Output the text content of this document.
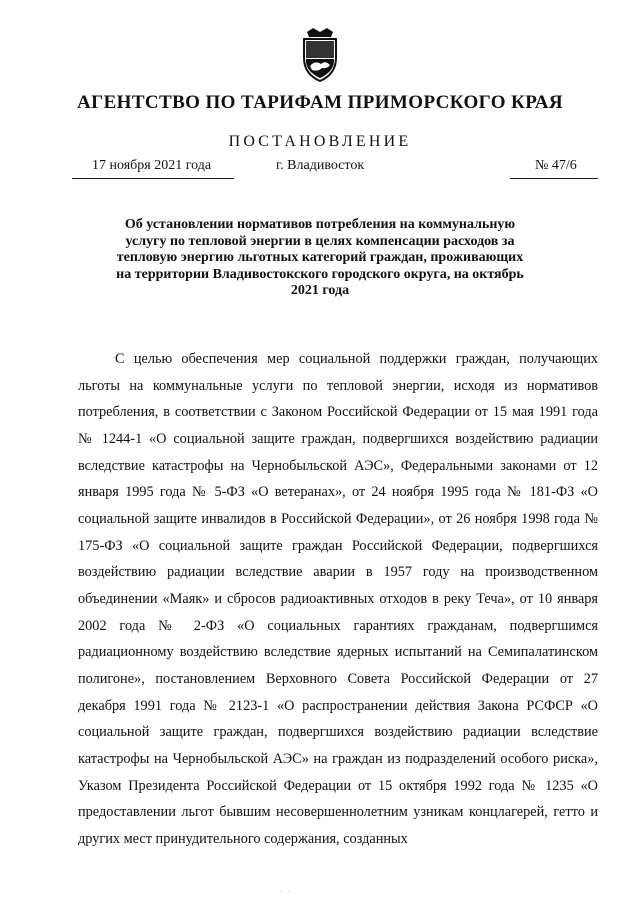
АГЕНТСТВО ПО ТАРИФАМ ПРИМОРСКОГО КРАЯ
ПОСТАНОВЛЕНИЕ
17 ноября 2021 года	г. Владивосток	№ 47/6
Об установлении нормативов потребления на коммунальную услугу по тепловой энергии в целях компенсации расходов за тепловую энергию льготных категорий граждан, проживающих на территории Владивостокского городского округа, на октябрь 2021 года

С целью обеспечения мер социальной поддержки граждан, получающих льготы на коммунальные услуги по тепловой энергии, исходя из нормативов потребления, в соответствии с Законом Российской Федерации от 15 мая 1991 года № 1244-1 «О социальной защите граждан, подвергшихся воздействию радиации вследствие катастрофы на Чернобыльской АЭС», Федеральными законами от 12 января 1995 года № 5-ФЗ «О ветеранах», от 24 ноября 1995 года № 181-ФЗ «О социальной защите инвалидов в Российской Федерации», от 26 ноября 1998 года № 175-ФЗ «О социальной защите граждан Российской Федерации, подвергшихся воздействию радиации вследствие аварии в 1957 году на производственном объединении «Маяк» и сбросов радиоактивных отходов в реку Теча», от 10 января 2002 года № 2-ФЗ «О социальных гарантиях гражданам, подвергшимся радиационному воздействию вследствие ядерных испытаний на Семипалатинском полигоне», постановлением Верховного Совета Российской Федерации от 27 декабря 1991 года № 2123-1 «О распространении действия Закона РСФСР «О социальной защите граждан, подвергшихся воздействию радиации вследствие катастрофы на Чернобыльской АЭС» на граждан из подразделений особого риска», Указом Президента Российской Федерации от 15 октября 1992 года № 1235 «О предоставлении льгот бывшим несовершеннолетним узникам концлагерей, гетто и других мест принудительного содержания, созданных

· ·
